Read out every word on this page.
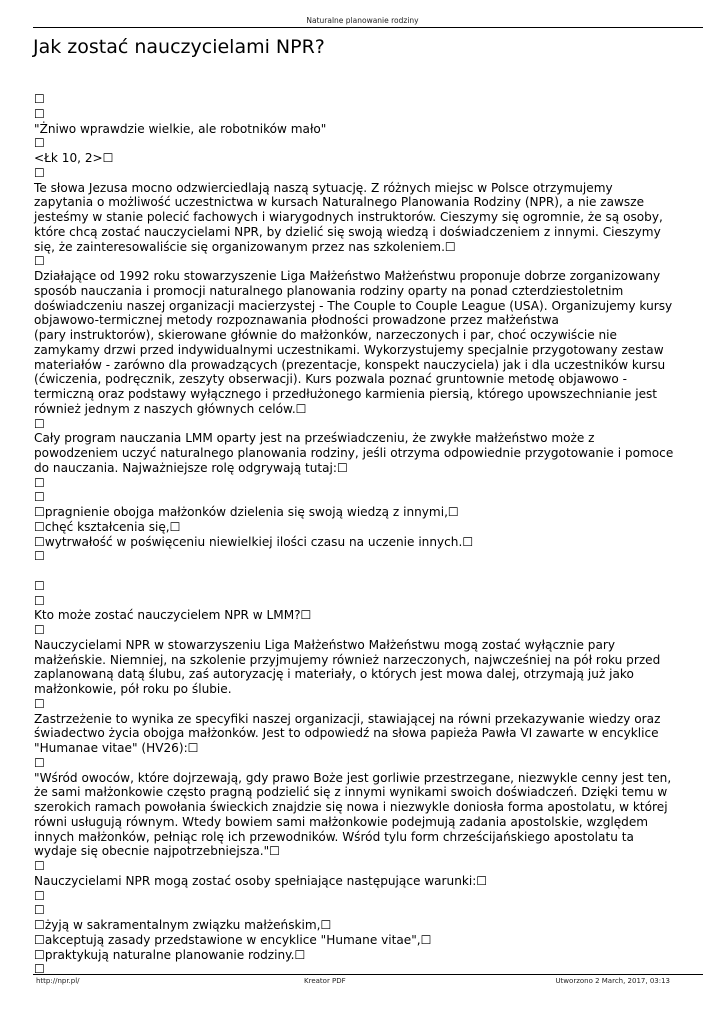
Naturalne planowanie rodziny
Jak zostać nauczycielami NPR?
☐
☐
"Żniwo wprawdzie wielkie, ale robotników mało"
☐
<Łk 10, 2>☐
☐
Te słowa Jezusa mocno odzwierciedlają naszą sytuację. Z różnych miejsc w Polsce otrzymujemy
zapytania o możliwość uczestnictwa w kursach Naturalnego Planowania Rodziny (NPR), a nie zawsze
jesteśmy w stanie polecić fachowych i wiarygodnych instruktorów. Cieszymy się ogromnie, że są osoby,
które chcą zostać nauczycielami NPR, by dzielić się swoją wiedzą i doświadczeniem z innymi. Cieszymy
się, że zainteresowaliście się organizowanym przez nas szkoleniem.☐
☐
Działające od 1992 roku stowarzyszenie Liga Małżeństwo Małżeństwu proponuje dobrze zorganizowany
sposób nauczania i promocji naturalnego planowania rodziny oparty na ponad czterdziestoletnim
doświadczeniu naszej organizacji macierzystej - The Couple to Couple League (USA). Organizujemy kursy
objawowo-termicznej metody rozpoznawania płodności prowadzone przez małżeństwa
(pary instruktorów), skierowane głównie do małżonków, narzeczonych i par, choć oczywiście nie
zamykamy drzwi przed indywidualnymi uczestnikami. Wykorzystujemy specjalnie przygotowany zestaw
materiałów - zarówno dla prowadzących (prezentacje, konspekt nauczyciela) jak i dla uczestników kursu
(ćwiczenia, podręcznik, zeszyty obserwacji). Kurs pozwala poznać gruntownie metodę objawowo -
termiczną oraz podstawy wyłącznego i przedłużonego karmienia piersią, którego upowszechnianie jest
również jednym z naszych głównych celów.☐
☐
Cały program nauczania LMM oparty jest na przeświadczeniu, że zwykłe małżeństwo może z
powodzeniem uczyć naturalnego planowania rodziny, jeśli otrzyma odpowiednie przygotowanie i pomoce
do nauczania. Najważniejsze rolę odgrywają tutaj:☐
☐
☐
☐pragnienie obojga małżonków dzielenia się swoją wiedzą z innymi,☐
☐chęć kształcenia się,☐
☐wytrwałość w poświęceniu niewielkiej ilości czasu na uczenie innych.☐
☐
☐
☐
Kto może zostać nauczycielem NPR w LMM?☐
☐
Nauczycielami NPR w stowarzyszeniu Liga Małżeństwo Małżeństwu mogą zostać wyłącznie pary
małżeńskie. Niemniej, na szkolenie przyjmujemy również narzeczonych, najwcześniej na pół roku przed
zaplanowaną datą ślubu, zaś autoryzację i materiały, o których jest mowa dalej, otrzymają już jako
małżonkowie, pół roku po ślubie.
☐
Zastrzeżenie to wynika ze specyfiki naszej organizacji, stawiającej na równi przekazywanie wiedzy oraz
świadectwo życia obojga małżonków. Jest to odpowiedź na słowa papieża Pawła VI zawarte w encyklice
"Humanae vitae" (HV26):☐
☐
"Wśród owoców, które dojrzewają, gdy prawo Boże jest gorliwie przestrzegane, niezwykle cenny jest ten,
że sami małżonkowie często pragną podzielić się z innymi wynikami swoich doświadczeń. Dzięki temu w
szerokich ramach powołania świeckich znajdzie się nowa i niezwykle doniosła forma apostolatu, w której
równi usługują równym. Wtedy bowiem sami małżonkowie podejmują zadania apostolskie, względem
innych małżonków, pełniąc rolę ich przewodników. Wśród tylu form chrześcijańskiego apostolatu ta
wydaje się obecnie najpotrzebniejsza."☐
☐
Nauczycielami NPR mogą zostać osoby spełniające następujące warunki:☐
☐
☐
☐żyją w sakramentalnym związku małżeńskim,☐
☐akceptują zasady przedstawione w encyklice "Humane vitae",☐
☐praktykują naturalne planowanie rodziny.☐
☐
http://npr.pl/	Kreator PDF	Utworzono 2 March, 2017, 03:13
